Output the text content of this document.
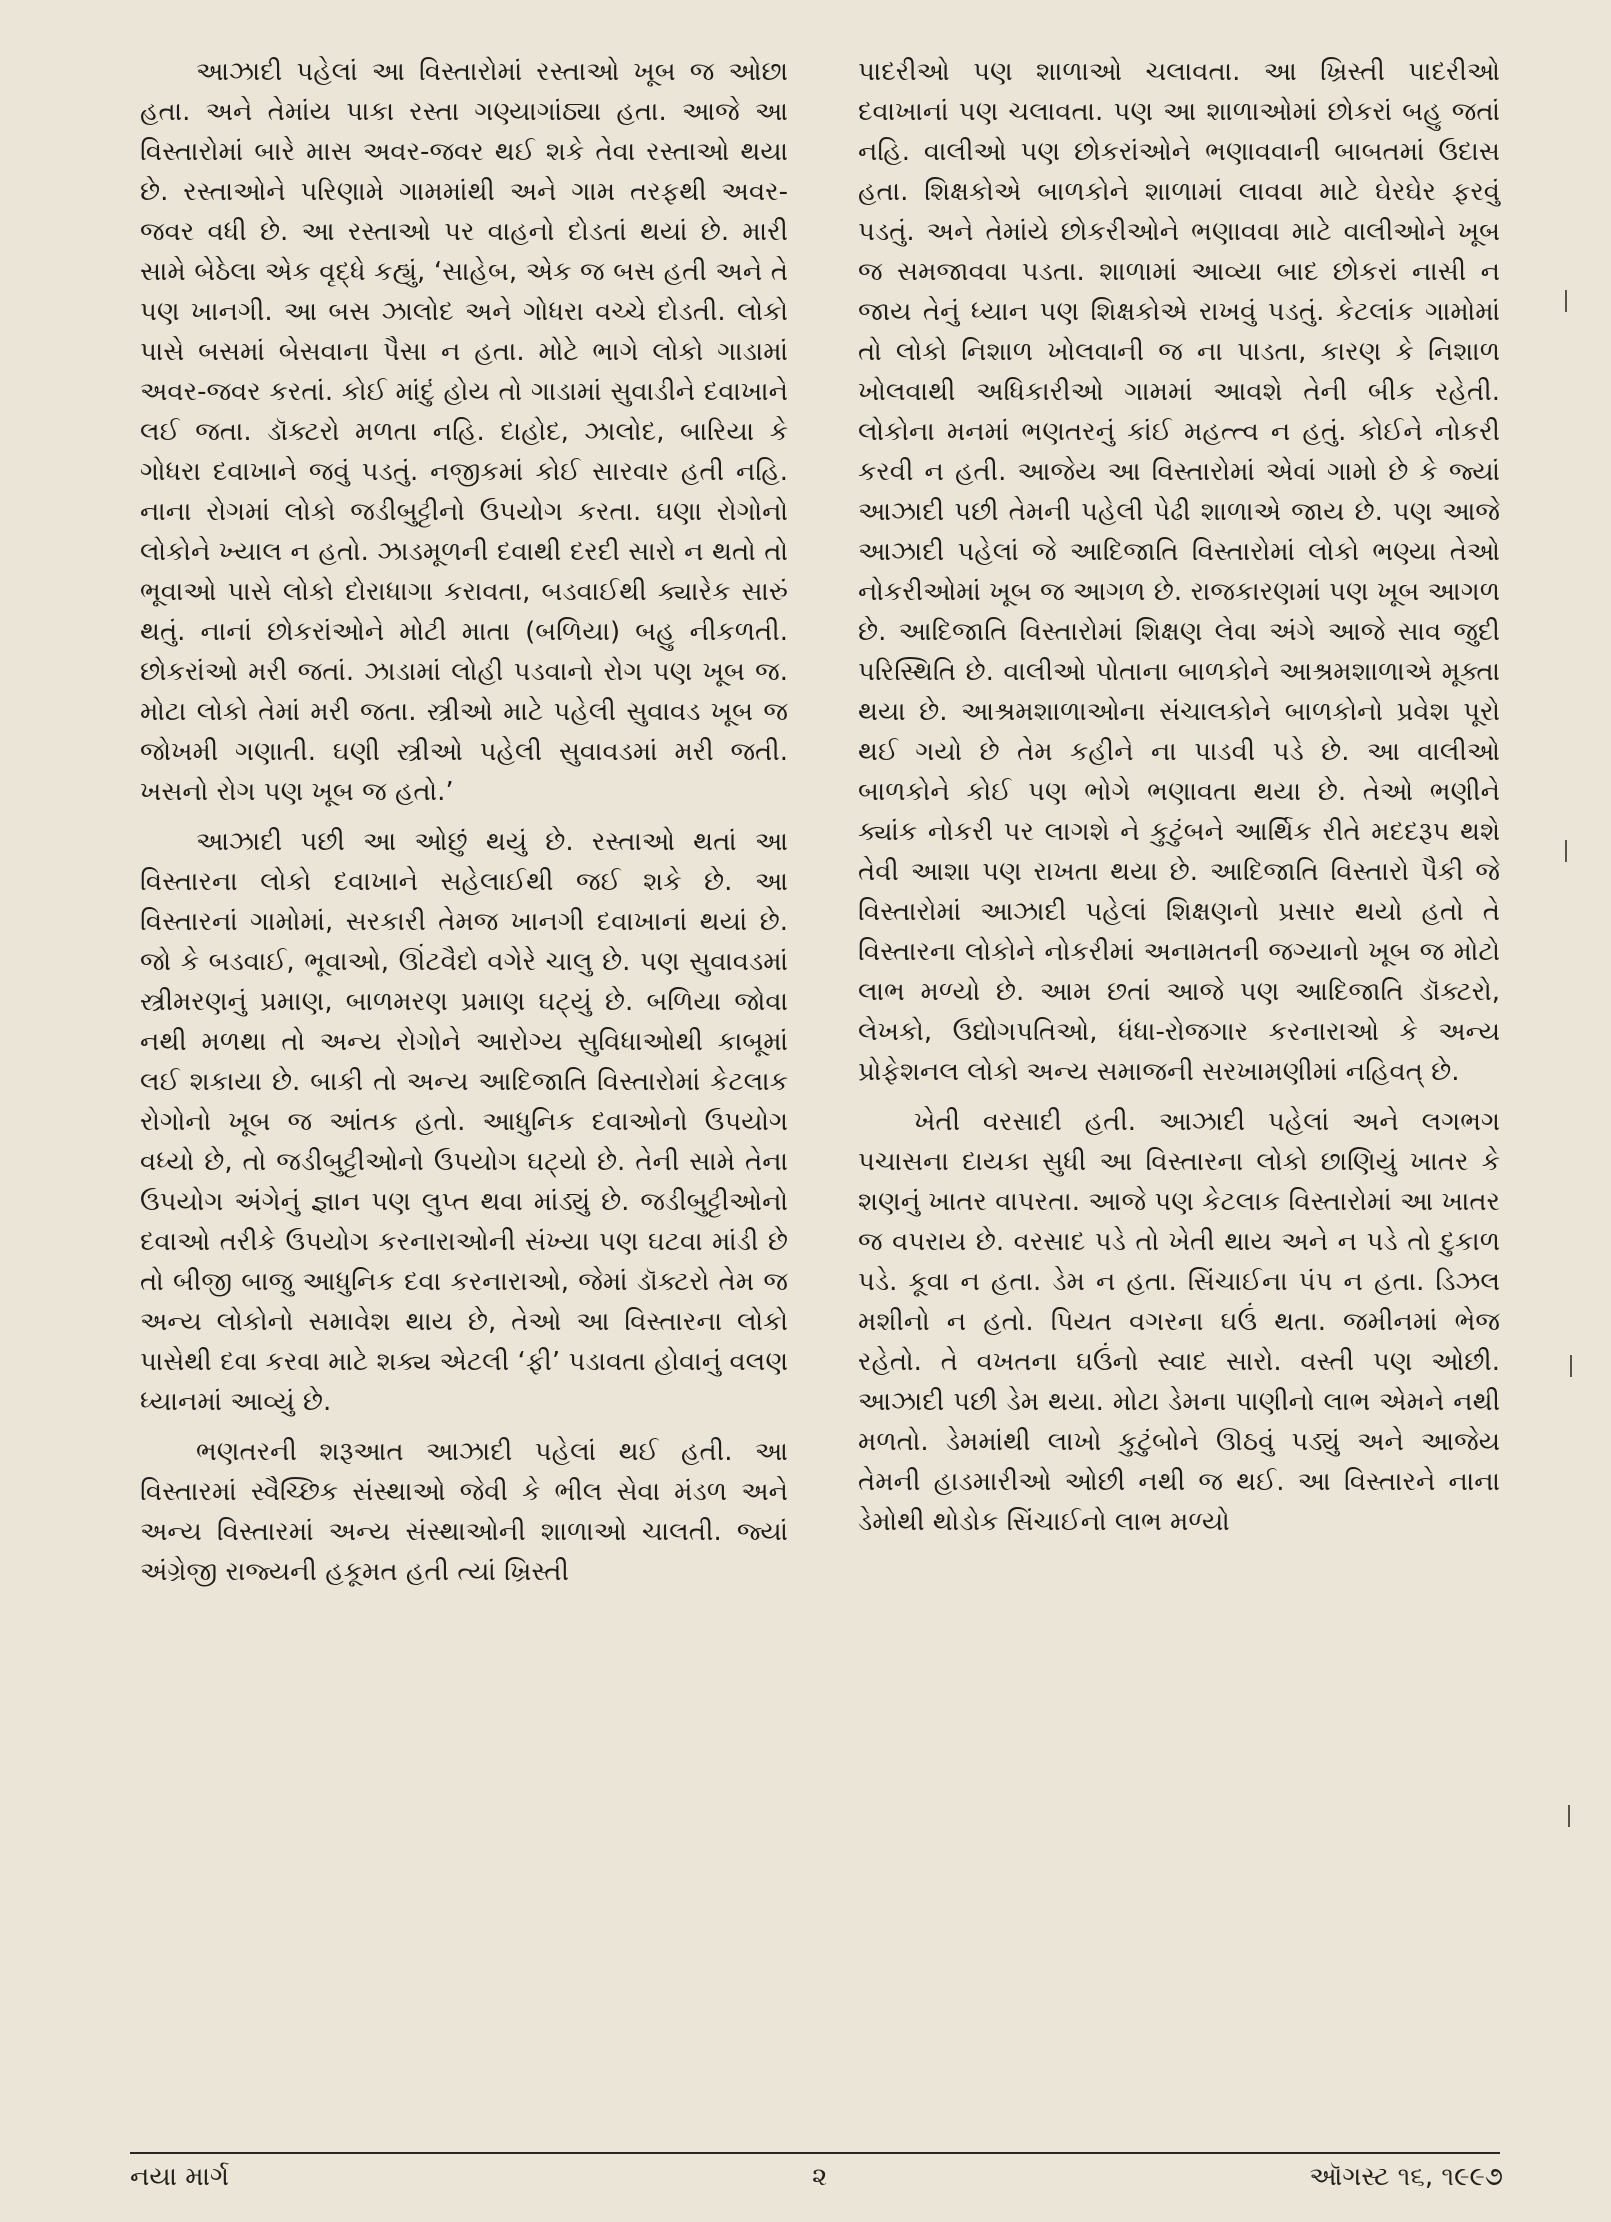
આઝાદી પહેલાં આ વિસ્તારોમાં રસ્તાઓ ખૂબ જ ઓછા હતા. અને તેમાંય પાકા રસ્તા ગણ્યાગાંઠ્યા હતા. આજે આ વિસ્તારોમાં બારે માસ અવર-જવર થઈ શકે તેવા રસ્તાઓ થયા છે. રસ્તાઓને પરિણામે ગામમાંથી અને ગામ તરફથી અવર-જવર વધી છે. આ રસ્તાઓ પર વાહનો દોડતાં થયાં છે. મારી સામે બેઠેલા એક વૃદ્ધે કહ્યું, ‘સાહેબ, એક જ બસ હતી અને તે પણ ખાનગી. આ બસ ઝાલોદ અને ગોધરા વચ્ચે દોડતી. લોકો પાસે બસમાં બેસવાના પૈસા ન હતા. મોટે ભાગે લોકો ગાડામાં અવર-જવર કરતાં. કોઈ માંદું હોય તો ગાડામાં સુવાડીને દવાખાને લઈ જતા. ડૉક્ટરો મળતા નહિ. દાહોદ, ઝાલોદ, બારિયા કે ગોધરા દવાખાને જવું પડતું. નજીકમાં કોઈ સારવાર હતી નહિ. નાના રોગમાં લોકો જડીબુટ્ટીનો ઉપયોગ કરતા. ઘણા રોગોનો લોકોને ખ્યાલ ન હતો. ઝાડમૂળની દવાથી દરદી સારો ન થતો તો ભૂવાઓ પાસે લોકો દોરાધાગા કરાવતા, બડવાઈથી ક્યારેક સારું થતું. નાનાં છોકરાંઓને મોટી માતા (બળિયા) બહુ નીકળતી. છોકરાંઓ મરી જતાં. ઝાડામાં લોહી પડવાનો રોગ પણ ખૂબ જ. મોટા લોકો તેમાં મરી જતા. સ્ત્રીઓ માટે પહેલી સુવાવડ ખૂબ જ જોખમી ગણાતી. ઘણી સ્ત્રીઓ પહેલી સુવાવડમાં મરી જતી. ખસનો રોગ પણ ખૂબ જ હતો.’

આઝાદી પછી આ ઓછું થયું છે. રસ્તાઓ થતાં આ વિસ્તારના લોકો દવાખાને સહેલાઈથી જઈ શકે છે. આ વિસ્તારનાં ગામોમાં, સરકારી તેમજ ખાનગી દવાખાનાં થયાં છે. જો કે બડવાઈ, ભૂવાઓ, ઊંટવૈદો વગેરે ચાલુ છે. પણ સુવાવડમાં સ્ત્રીમરણનું પ્રમાણ, બાળમરણ પ્રમાણ ઘટ્યું છે. બળિયા જોવા નથી મળથા તો અન્ય રોગોને આરોગ્ય સુવિધાઓથી કાબૂમાં લઈ શકાયા છે. બાકી તો અન્ય આદિજાતિ વિસ્તારોમાં કેટલાક રોગોનો ખૂબ જ આંતક હતો. આધુનિક દવાઓનો ઉપયોગ વધ્યો છે, તો જડીબુટ્ટીઓનો ઉપયોગ ઘટ્યો છે. તેની સામે તેના ઉપયોગ અંગેનું જ્ઞાન પણ લુપ્ત થવા માંડ્યું છે. જડીબુટ્ટીઓનો દવાઓ તરીકે ઉપયોગ કરનારાઓની સંખ્યા પણ ઘટવા માંડી છે તો બીજી બાજુ આધુનિક દવા કરનારાઓ, જેમાં ડૉક્ટરો તેમ જ અન્ય લોકોનો સમાવેશ થાય છે, તેઓ આ વિસ્તારના લોકો પાસેથી દવા કરવા માટે શક્ય એટલી ‘ફી’ પડાવતા હોવાનું વલણ ધ્યાનમાં આવ્યું છે.

ભણતરની શરૂઆત આઝાદી પહેલાં થઈ હતી. આ વિસ્તારમાં સ્વૈચ્છિક સંસ્થાઓ જેવી કે ભીલ સેવા મંડળ અને અન્ય વિસ્તારમાં અન્ય સંસ્થાઓની શાળાઓ ચાલતી. જ્યાં અંગ્રેજી રાજ્યની હકૂમત હતી ત્યાં ખ્રિસ્તી

પાદરીઓ પણ શાળાઓ ચલાવતા. આ ખ્રિસ્તી પાદરીઓ દવાખાનાં પણ ચલાવતા. પણ આ શાળાઓમાં છોકરાં બહુ જતાં નહિ. વાલીઓ પણ છોકરાંઓને ભણાવવાની બાબતમાં ઉદાસ હતા. શિક્ષકોએ બાળકોને શાળામાં લાવવા માટે ઘેરઘેર ફરવું પડતું. અને તેમાંયે છોકરીઓને ભણાવવા માટે વાલીઓને ખૂબ જ સમજાવવા પડતા. શાળામાં આવ્યા બાદ છોકરાં નાસી ન જાય તેનું ધ્યાન પણ શિક્ષકોએ રાખવું પડતું. કેટલાંક ગામોમાં તો લોકો નિશાળ ખોલવાની જ ના પાડતા, કારણ કે નિશાળ ખોલવાથી અધિકારીઓ ગામમાં આવશે તેની બીક રહેતી. લોકોના મનમાં ભણતરનું કાંઈ મહત્ત્વ ન હતું. કોઈને નોકરી કરવી ન હતી. આજેય આ વિસ્તારોમાં એવાં ગામો છે કે જ્યાં આઝાદી પછી તેમની પહેલી પેઢી શાળાએ જાય છે. પણ આજે આઝાદી પહેલાં જે આદિજાતિ વિસ્તારોમાં લોકો ભણ્યા તેઓ નોકરીઓમાં ખૂબ જ આગળ છે. રાજકારણમાં પણ ખૂબ આગળ છે. આદિજાતિ વિસ્તારોમાં શિક્ષણ લેવા અંગે આજે સાવ જુદી પરિસ્થિતિ છે. વાલીઓ પોતાના બાળકોને આશ્રમશાળાએ મૂક્તા થયા છે. આશ્રમશાળાઓના સંચાલકોને બાળકોનો પ્રવેશ પૂરો થઈ ગયો છે તેમ કહીને ના પાડવી પડે છે. આ વાલીઓ બાળકોને કોઈ પણ ભોગે ભણાવતા થયા છે. તેઓ ભણીને ક્યાંક નોકરી પર લાગશે ને કુટુંબને આર્થિક રીતે મદદરૂપ થશે તેવી આશા પણ રાખતા થયા છે. આદિજાતિ વિસ્તારો પૈકી જે વિસ્તારોમાં આઝાદી પહેલાં શિક્ષણનો પ્રસાર થયો હતો તે વિસ્તારના લોકોને નોકરીમાં અનામતની જગ્યાનો ખૂબ જ મોટો લાભ મળ્યો છે. આમ છતાં આજે પણ આદિજાતિ ડૉક્ટરો, લેખકો, ઉદ્યોગપતિઓ, ધંધા-રોજગાર કરનારાઓ કે અન્ય પ્રોફેશનલ લોકો અન્ય સમાજની સરખામણીમાં નહિવત્ છે.

ખેતી વરસાદી હતી. આઝાદી પહેલાં અને લગભગ પચાસના દાયકા સુધી આ વિસ્તારના લોકો છાણિયું ખાતર કે શણનું ખાતર વાપરતા. આજે પણ કેટલાક વિસ્તારોમાં આ ખાતર જ વપરાય છે. વરસાદ પડે તો ખેતી થાય અને ન પડે તો દુકાળ પડે. કૂવા ન હતા. ડેમ ન હતા. સિંચાઈના પંપ ન હતા. ડિઝલ મશીનો ન હતો. પિયત વગરના ઘઉં થતા. જમીનમાં ભેજ રહેતો. તે વખતના ઘઉંનો સ્વાદ સારો. વસ્તી પણ ઓછી. આઝાદી પછી ડેમ થયા. મોટા ડેમના પાણીનો લાભ એમને નથી મળતો. ડેમમાંથી લાખો કુટુંબોને ઊઠવું પડ્યું અને આજેય તેમની હાડમારીઓ ઓછી નથી જ થઈ. આ વિસ્તારને નાના ડેમોથી થોડોક સિંચાઈનો લાભ મળ્યો

નયા માર્ગ	૨	ઑગસ્ટ ૧૬, ૧૯૯૭
